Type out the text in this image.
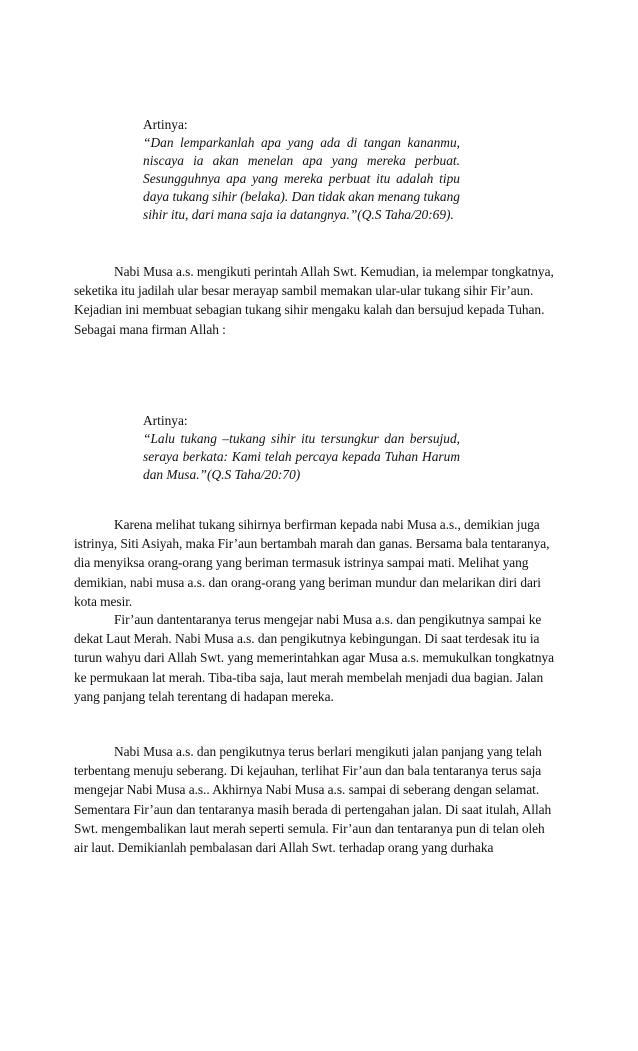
Artinya:
“Dan lemparkanlah apa yang ada di tangan kananmu, niscaya ia akan menelan apa yang mereka perbuat. Sesungguhnya apa yang mereka perbuat itu adalah tipu daya tukang sihir (belaka). Dan tidak akan menang tukang sihir itu, dari mana saja ia datangnya.”(Q.S Taha/20:69).

Nabi Musa a.s. mengikuti perintah Allah Swt. Kemudian, ia melempar tongkatnya, seketika itu jadilah ular besar merayap sambil memakan ular-ular tukang sihir Fir’aun. Kejadian ini membuat sebagian tukang sihir mengaku kalah dan bersujud kepada Tuhan. Sebagai mana firman Allah :

Artinya:
“Lalu tukang –tukang sihir itu tersungkur dan bersujud, seraya berkata: Kami telah percaya kepada Tuhan Harum dan Musa.”(Q.S Taha/20:70)

Karena melihat tukang sihirnya berfirman kepada nabi Musa a.s., demikian juga istrinya, Siti Asiyah, maka Fir’aun bertambah marah dan ganas. Bersama bala tentaranya, dia menyiksa orang-orang yang beriman termasuk istrinya sampai mati. Melihat yang demikian, nabi musa a.s. dan orang-orang yang beriman mundur dan melarikan diri dari kota mesir.

Fir’aun dantentaranya terus mengejar nabi Musa a.s. dan pengikutnya sampai ke dekat Laut Merah. Nabi Musa a.s. dan pengikutnya kebingungan. Di saat terdesak itu ia turun wahyu dari Allah Swt. yang memerintahkan agar Musa a.s. memukulkan tongkatnya ke permukaan lat merah. Tiba-tiba saja, laut merah membelah menjadi dua bagian. Jalan yang panjang telah terentang di hadapan mereka.

Nabi Musa a.s. dan pengikutnya terus berlari mengikuti jalan panjang yang telah terbentang menuju seberang. Di kejauhan, terlihat Fir’aun dan bala tentaranya terus saja mengejar Nabi Musa a.s.. Akhirnya Nabi Musa a.s. sampai di seberang dengan selamat. Sementara Fir’aun dan tentaranya masih berada di pertengahan jalan. Di saat itulah, Allah Swt. mengembalikan laut merah seperti semula. Fir’aun dan tentaranya pun di telan oleh air laut. Demikianlah pembalasan dari Allah Swt. terhadap orang yang durhaka
